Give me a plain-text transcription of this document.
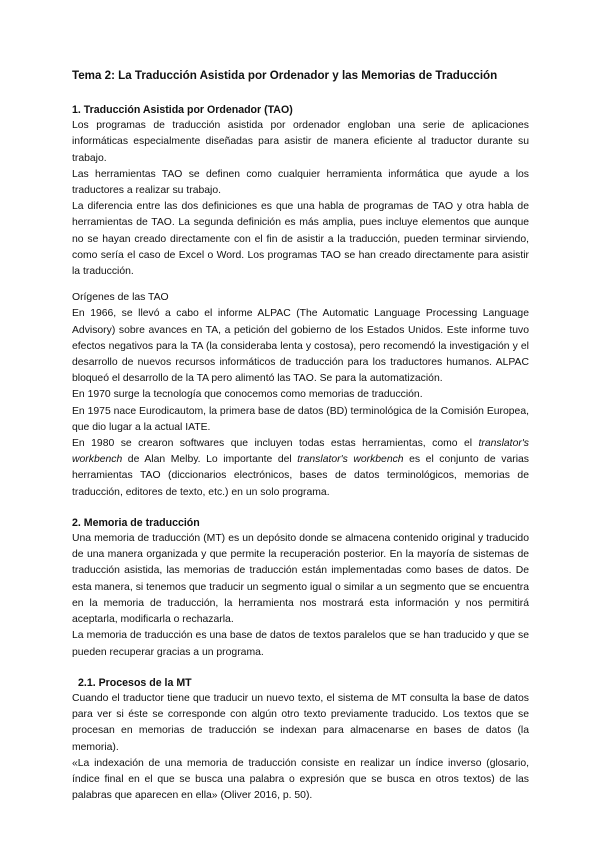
Tema 2: La Traducción Asistida por Ordenador y las Memorias de Traducción
1. Traducción Asistida por Ordenador (TAO)

Los programas de traducción asistida por ordenador engloban una serie de aplicaciones informáticas especialmente diseñadas para asistir de manera eficiente al traductor durante su trabajo.

Las herramientas TAO se definen como cualquier herramienta informática que ayude a los traductores a realizar su trabajo.

La diferencia entre las dos definiciones es que una habla de programas de TAO y otra habla de herramientas de TAO. La segunda definición es más amplia, pues incluye elementos que aunque no se hayan creado directamente con el fin de asistir a la traducción, pueden terminar sirviendo, como sería el caso de Excel o Word. Los programas TAO se han creado directamente para asistir la traducción.

Orígenes de las TAO

En 1966, se llevó a cabo el informe ALPAC (The Automatic Language Processing Language Advisory) sobre avances en TA, a petición del gobierno de los Estados Unidos. Este informe tuvo efectos negativos para la TA (la consideraba lenta y costosa), pero recomendó la investigación y el desarrollo de nuevos recursos informáticos de traducción para los traductores humanos. ALPAC bloqueó el desarrollo de la TA pero alimentó las TAO. Se para la automatización.

En 1970 surge la tecnología que conocemos como memorias de traducción.

En 1975 nace Eurodicautom, la primera base de datos (BD) terminológica de la Comisión Europea, que dio lugar a la actual IATE.

En 1980 se crearon softwares que incluyen todas estas herramientas, como el translator's workbench de Alan Melby. Lo importante del translator's workbench es el conjunto de varias herramientas TAO (diccionarios electrónicos, bases de datos terminológicos, memorias de traducción, editores de texto, etc.) en un solo programa.

2. Memoria de traducción

Una memoria de traducción (MT) es un depósito donde se almacena contenido original y traducido de una manera organizada y que permite la recuperación posterior. En la mayoría de sistemas de traducción asistida, las memorias de traducción están implementadas como bases de datos. De esta manera, si tenemos que traducir un segmento igual o similar a un segmento que se encuentra en la memoria de traducción, la herramienta nos mostrará esta información y nos permitirá aceptarla, modificarla o rechazarla.

La memoria de traducción es una base de datos de textos paralelos que se han traducido y que se pueden recuperar gracias a un programa.

2.1. Procesos de la MT

Cuando el traductor tiene que traducir un nuevo texto, el sistema de MT consulta la base de datos para ver si éste se corresponde con algún otro texto previamente traducido. Los textos que se procesan en memorias de traducción se indexan para almacenarse en bases de datos (la memoria).

«La indexación de una memoria de traducción consiste en realizar un índice inverso (glosario, índice final en el que se busca una palabra o expresión que se busca en otros textos) de las palabras que aparecen en ella» (Oliver 2016, p. 50).
